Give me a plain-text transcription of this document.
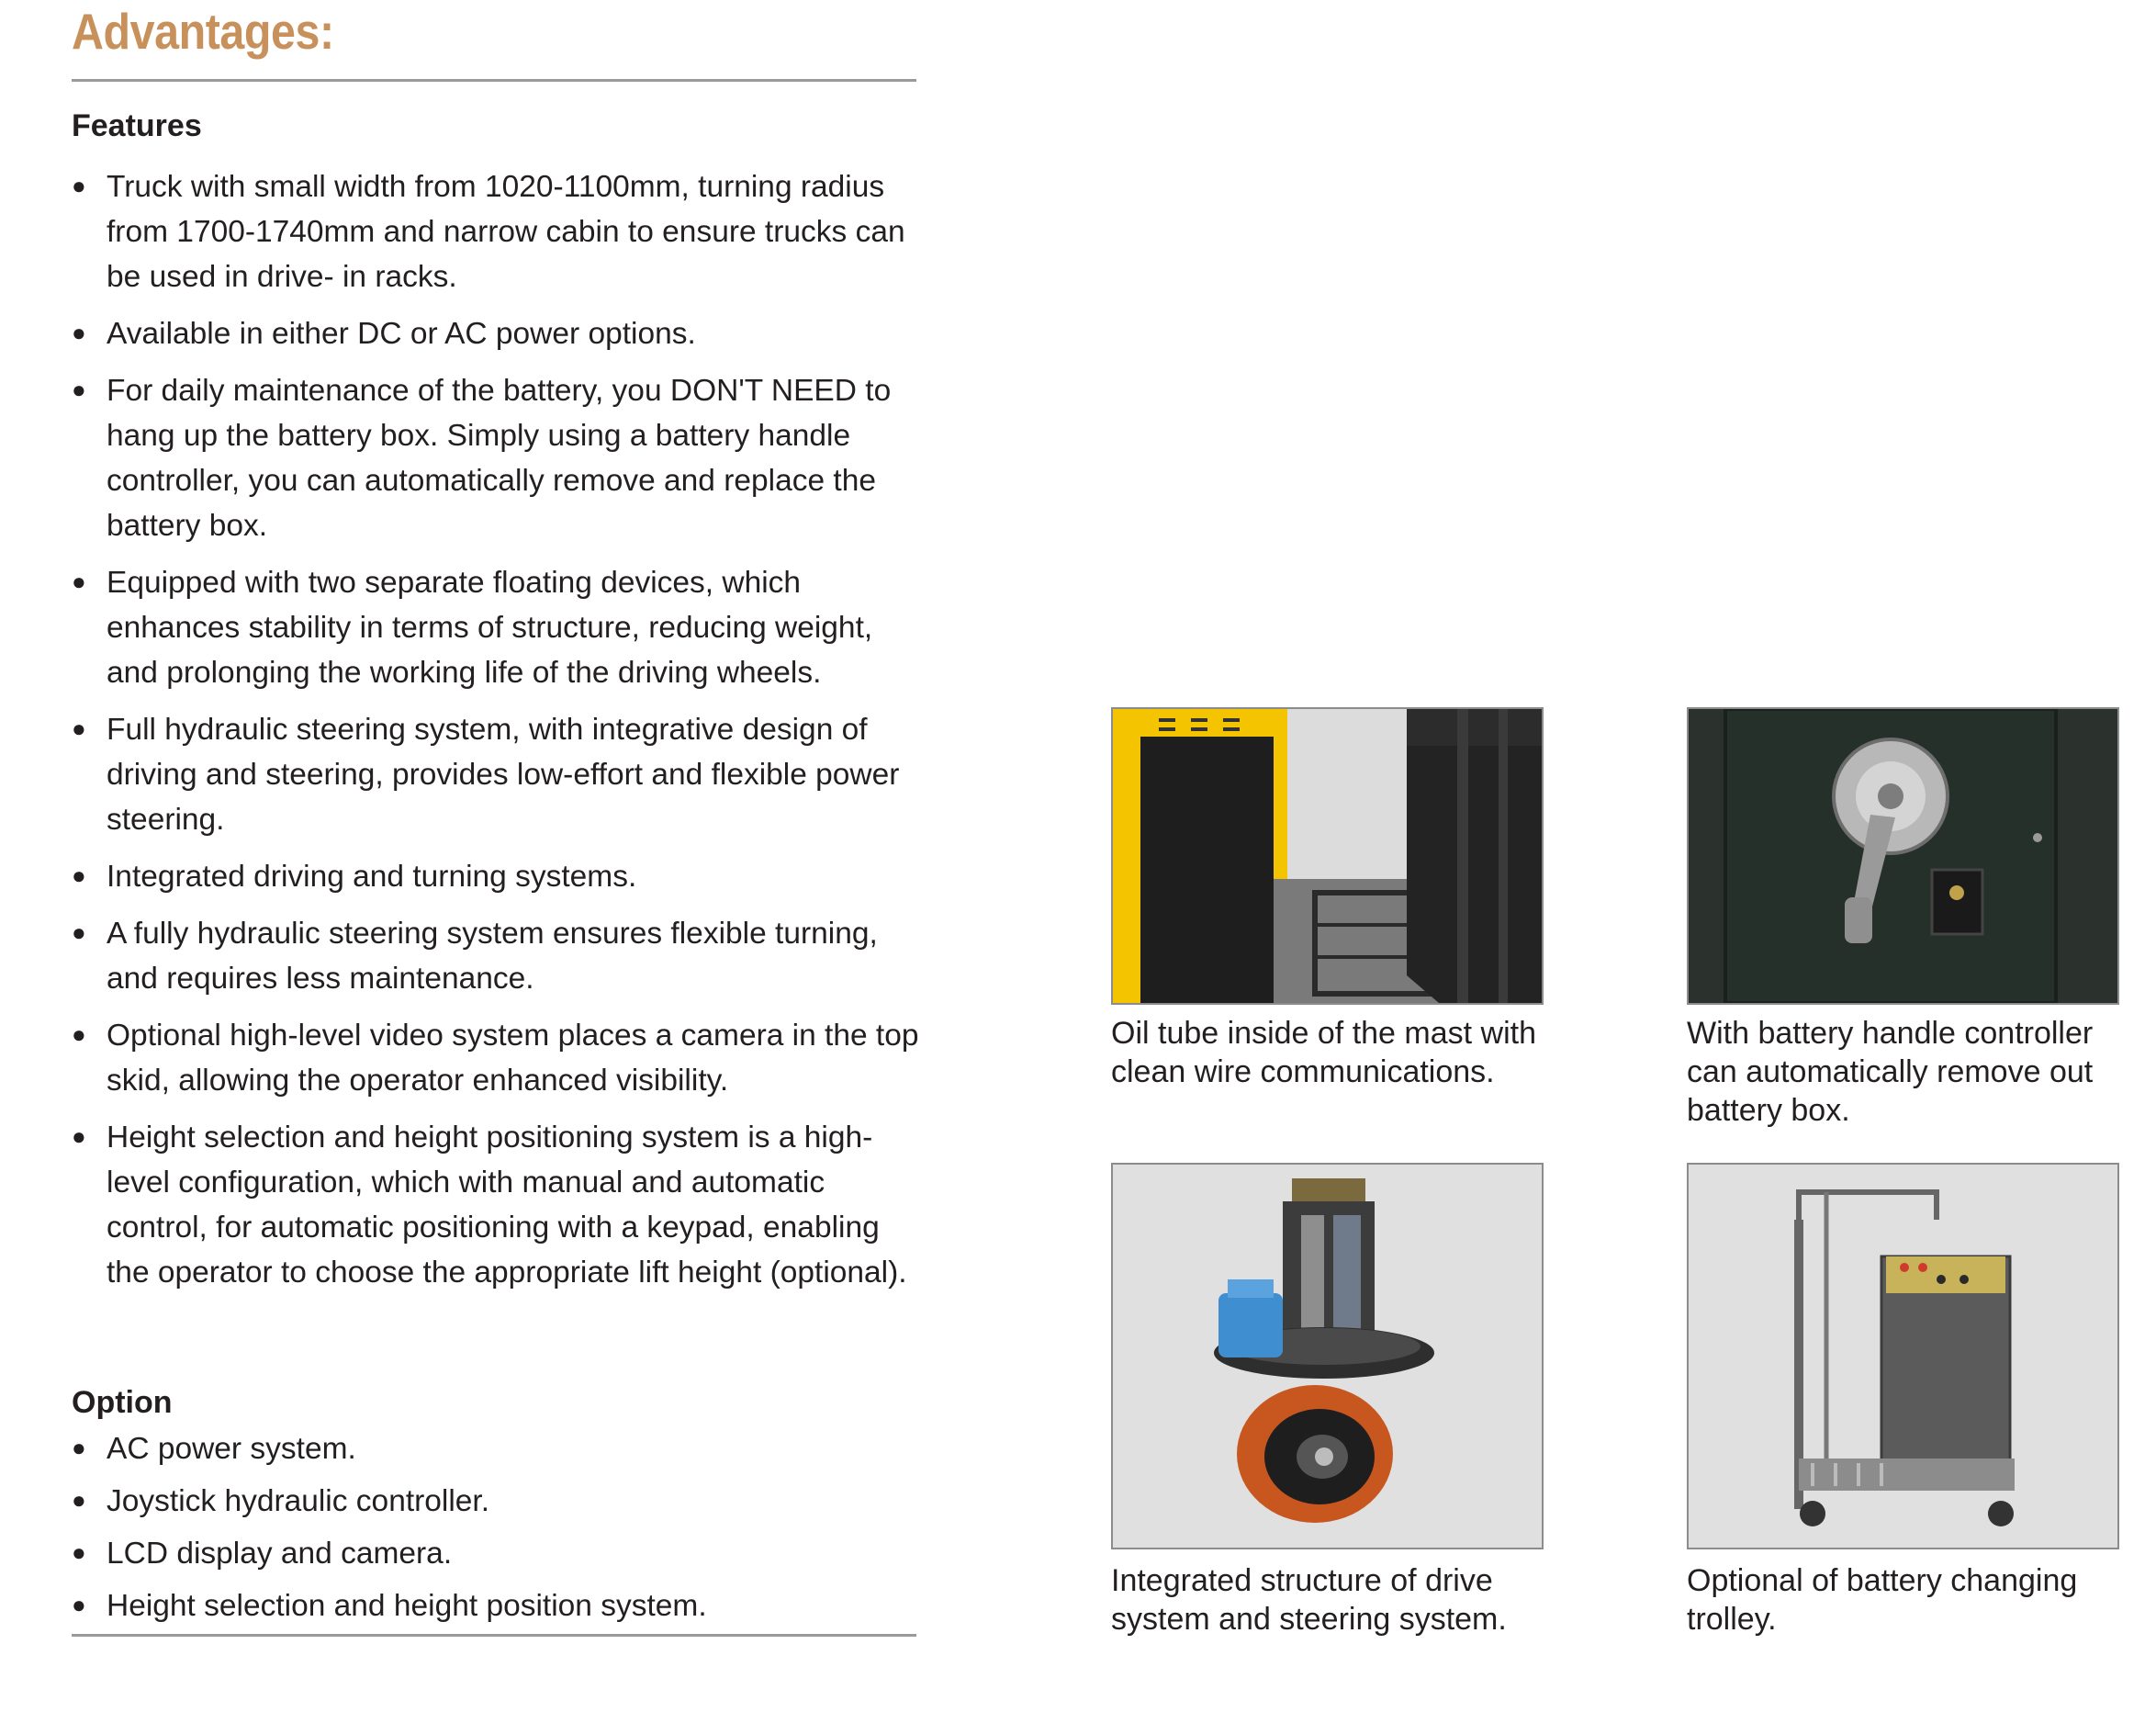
Advantages:
Features
● Truck with small width from 1020-1100mm, turning radius from 1700-1740mm and narrow cabin to ensure trucks can be used in drive- in racks.
● Available in either DC or AC power options.
● For daily maintenance of the battery, you DON'T NEED to hang up the battery box. Simply using a battery handle controller, you can automatically remove and replace the battery box.
● Equipped with two separate floating devices, which enhances stability in terms of structure, reducing weight, and prolonging the working life of the driving wheels.
● Full hydraulic steering system, with integrative design of driving and steering, provides low-effort and flexible power steering.
● Integrated driving and turning systems.
● A fully hydraulic steering system ensures flexible turning, and requires less maintenance.
● Optional high-level video system places a camera in the top skid, allowing the operator enhanced visibility.
● Height selection and height positioning system is a high-level configuration, which with manual and automatic control, for automatic positioning with a keypad, enabling the operator to choose the appropriate lift height (optional).
Option
● AC power system.
● Joystick hydraulic controller.
● LCD display and camera.
● Height selection and height position system.

Oil tube inside of the mast with clean wire communications.

With battery handle controller can automatically remove out battery box.

Integrated structure of drive system and steering system.

Optional of battery changing trolley.
